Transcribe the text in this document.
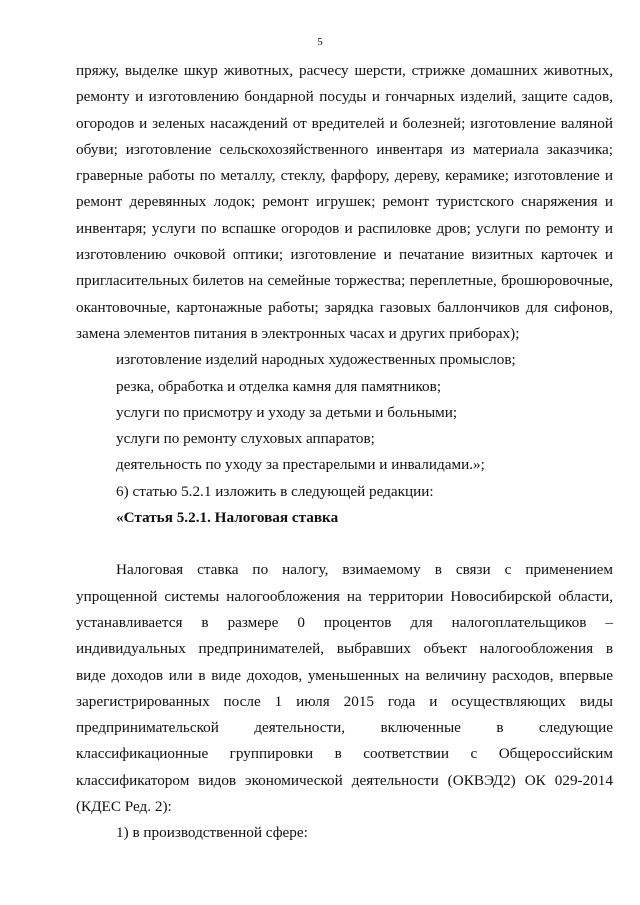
5

пряжу, выделке шкур животных, расчесу шерсти, стрижке домашних животных,

ремонту и изготовлению бондарной посуды и гончарных изделий, защите садов,

огородов и зеленых насаждений от вредителей и болезней; изготовление валяной

обуви; изготовление сельскохозяйственного инвентаря из материала заказчика;

граверные работы по металлу, стеклу, фарфору, дереву, керамике; изготовление и

ремонт деревянных лодок; ремонт игрушек; ремонт туристского снаряжения и

инвентаря; услуги по вспашке огородов и распиловке дров; услуги по ремонту и

изготовлению очковой оптики; изготовление и печатание визитных карточек и

пригласительных билетов на семейные торжества; переплетные, брошюровочные,

окантовочные, картонажные работы; зарядка газовых баллончиков для сифонов,

замена элементов питания в электронных часах и других приборах);

изготовление изделий народных художественных промыслов;

резка, обработка и отделка камня для памятников;

услуги по присмотру и уходу за детьми и больными;

услуги по ремонту слуховых аппаратов;

деятельность по уходу за престарелыми и инвалидами.»;

6) статью 5.2.1 изложить в следующей редакции:

«Статья 5.2.1. Налоговая ставка

Налоговая ставка по налогу, взимаемому в связи с применением

упрощенной системы налогообложения на территории Новосибирской области,

устанавливается в размере 0 процентов для налогоплательщиков –

индивидуальных предпринимателей, выбравших объект налогообложения в

виде доходов или в виде доходов, уменьшенных на величину расходов, впервые

зарегистрированных после 1 июля 2015 года и осуществляющих виды

предпринимательской деятельности, включенные в следующие

классификационные группировки в соответствии с Общероссийским

классификатором видов экономической деятельности (ОКВЭД2) ОК 029-2014

(КДЕС Ред. 2):

1) в производственной сфере:
